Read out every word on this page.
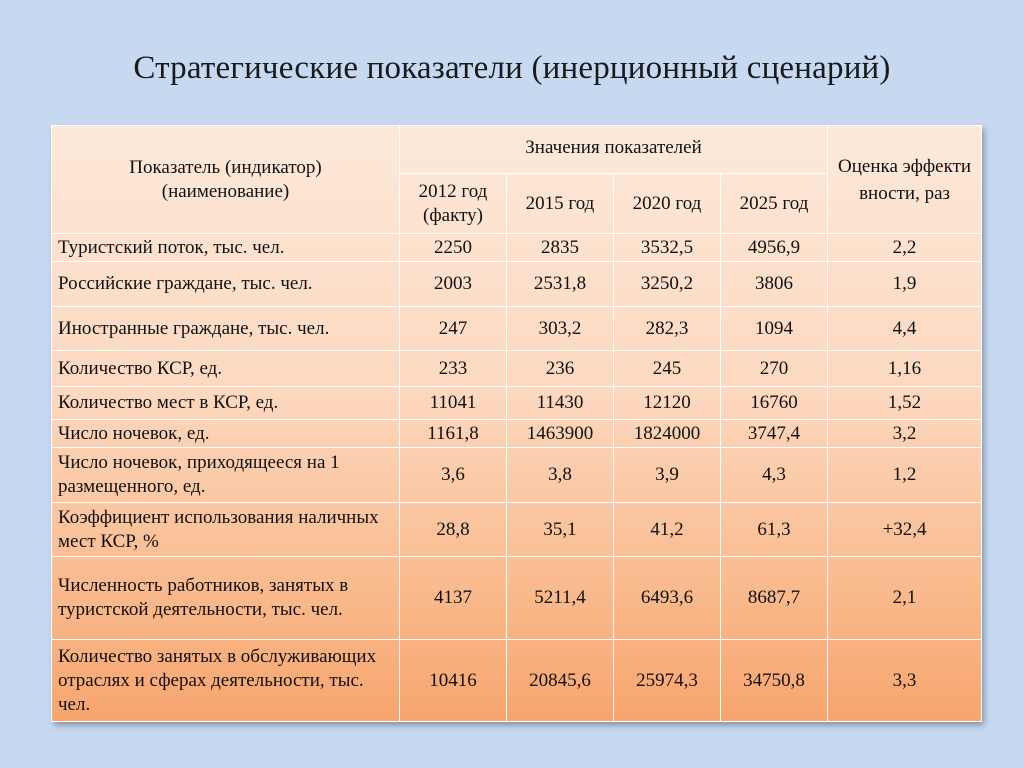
Стратегические показатели (инерционный сценарий)
Показатель (индикатор) (наименование)	Значения показателей				Оценка эффективности, раз
	2012 год (факту)	2015 год	2020 год	2025 год	
Туристский поток, тыс. чел.	2250	2835	3532,5	4956,9	2,2
Российские граждане, тыс. чел.	2003	2531,8	3250,2	3806	1,9
Иностранные граждане, тыс. чел.	247	303,2	282,3	1094	4,4
Количество КСР, ед.	233	236	245	270	1,16
Количество мест в КСР, ед.	11041	11430	12120	16760	1,52
Число ночевок, ед.	1161,8	1463900	1824000	3747,4	3,2
Число ночевок, приходящееся на 1 размещенного, ед.	3,6	3,8	3,9	4,3	1,2
Коэффициент использования наличных мест КСР, %	28,8	35,1	41,2	61,3	+32,4
Численность работников, занятых в туристской деятельности, тыс. чел.	4137	5211,4	6493,6	8687,7	2,1
Количество занятых в обслуживающих отраслях и сферах деятельности, тыс. чел.	10416	20845,6	25974,3	34750,8	3,3
